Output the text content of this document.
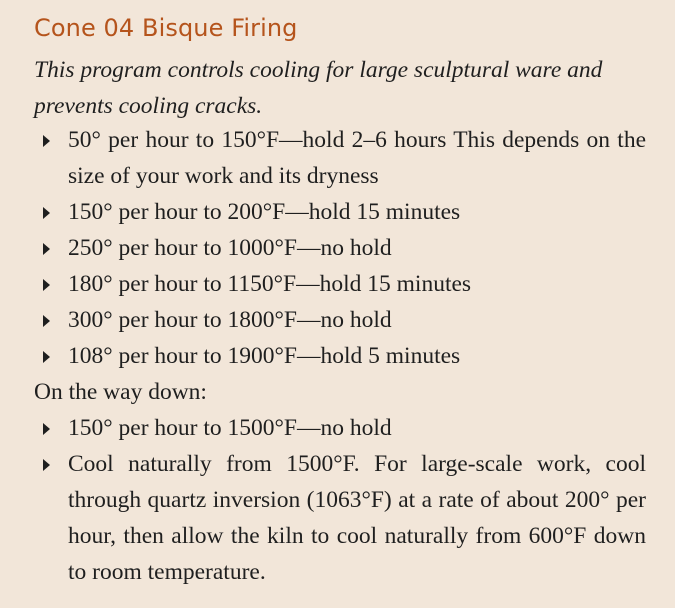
Cone 04 Bisque Firing

This program controls cooling for large sculptural ware and prevents cooling cracks.

50° per hour to 150°F—hold 2–6 hours This depends on the size of your work and its dryness
150° per hour to 200°F—hold 15 minutes
250° per hour to 1000°F—no hold
180° per hour to 1150°F—hold 15 minutes
300° per hour to 1800°F—no hold
108° per hour to 1900°F—hold 5 minutes

On the way down:

150° per hour to 1500°F—no hold
Cool naturally from 1500°F. For large-scale work, cool through quartz inversion (1063°F) at a rate of about 200° per hour, then allow the kiln to cool naturally from 600°F down to room temperature.
